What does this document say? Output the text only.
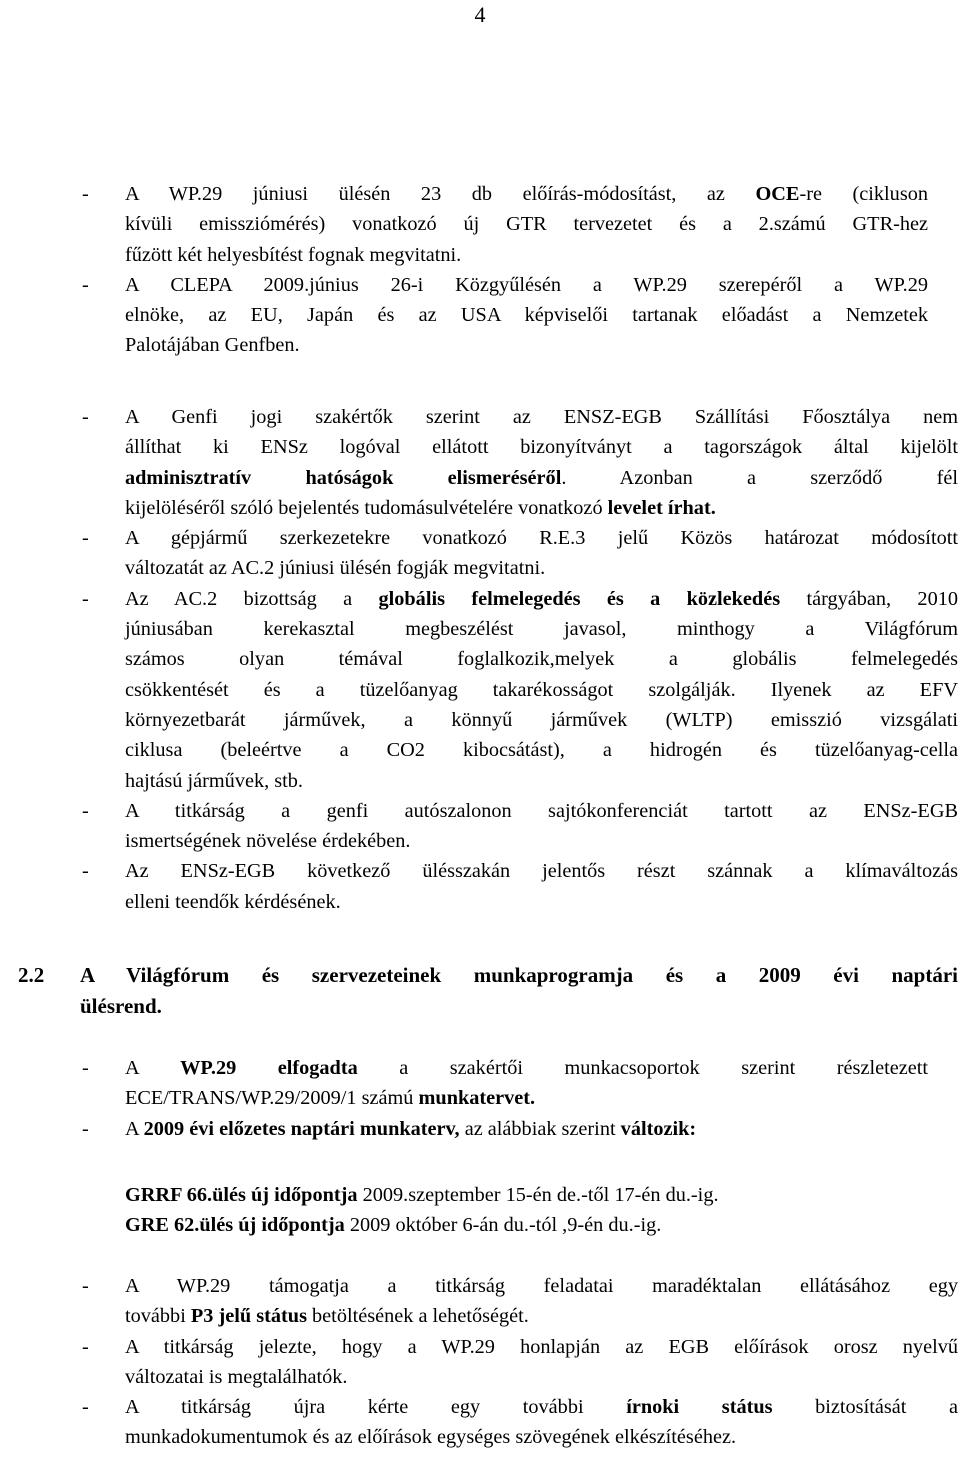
4
- A WP.29 júniusi ülésén 23 db előírás-módosítást, az OCE-re (cikluson
kívüli emissziómérés) vonatkozó új GTR tervezetet és a 2.számú GTR-hez
fűzött két helyesbítést fognak megvitatni.
- A CLEPA 2009.június 26-i Közgyűlésén a WP.29 szerepéről a WP.29
elnöke, az EU, Japán és az USA képviselői tartanak előadást a Nemzetek
Palotájában Genfben.
- A Genfi jogi szakértők szerint az ENSZ-EGB Szállítási Főosztálya nem
állíthat ki ENSz logóval ellátott bizonyítványt a tagországok által kijelölt
adminisztratív hatóságok elismeréséről. Azonban a szerződő fél
kijelöléséről szóló bejelentés tudomásulvételére vonatkozó levelet írhat.
- A gépjármű szerkezetekre vonatkozó R.E.3 jelű Közös határozat módosított
változatát az AC.2 júniusi ülésén fogják megvitatni.
- Az AC.2 bizottság a globális felmelegedés és a közlekedés tárgyában, 2010
júniusában kerekasztal megbeszélést javasol, minthogy a Világfórum
számos olyan témával foglalkozik,melyek a globális felmelegedés
csökkentését és a tüzelőanyag takarékosságot szolgálják. Ilyenek az EFV
környezetbarát járművek, a könnyű járművek (WLTP) emisszió vizsgálati
ciklusa (beleértve a CO2 kibocsátást), a hidrogén és tüzelőanyag-cella
hajtású járművek, stb.
- A titkárság a genfi autószalonon sajtókonferenciát tartott az ENSz-EGB
ismertségének növelése érdekében.
- Az ENSz-EGB következő ülésszakán jelentős részt szánnak a klímaváltozás
elleni teendők kérdésének.
2.2 A Világfórum és szervezeteinek munkaprogramja és a 2009 évi naptári
ülésrend.
- A WP.29 elfogadta a szakértői munkacsoportok szerint részletezett
ECE/TRANS/WP.29/2009/1 számú munkatervet.
- A 2009 évi előzetes naptári munkaterv, az alábbiak szerint változik:
GRRF 66.ülés új időpontja 2009.szeptember 15-én de.-től 17-én du.-ig.
GRE 62.ülés új időpontja 2009 október 6-án du.-tól ,9-én du.-ig.
- A WP.29 támogatja a titkárság feladatai maradéktalan ellátásához egy
további P3 jelű státus betöltésének a lehetőségét.
- A titkárság jelezte, hogy a WP.29 honlapján az EGB előírások orosz nyelvű
változatai is megtalálhatók.
- A titkárság újra kérte egy további írnoki státus biztosítását a
munkadokumentumok és az előírások egységes szövegének elkészítéséhez.
